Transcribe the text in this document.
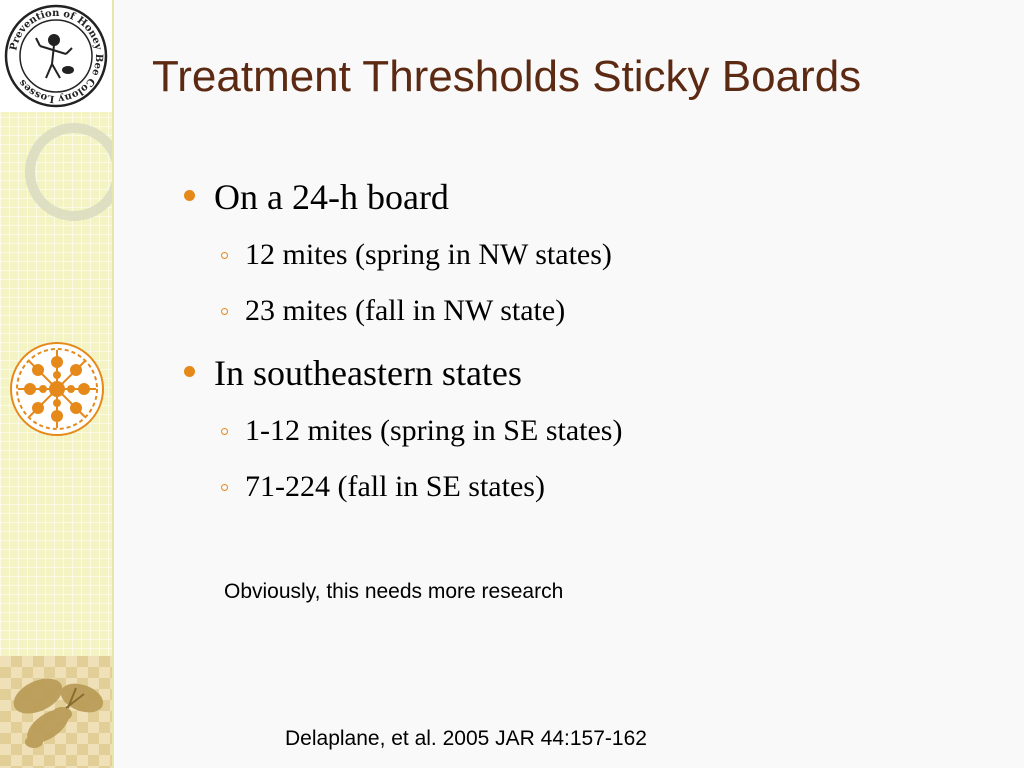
Prevention of Honey Bee Colony Losses	Treatment Thresholds Sticky Boards
On a 24-h board
12 mites (spring in NW states)
23 mites (fall in NW state)
In southeastern states
1-12 mites (spring in SE states)
71-224 (fall in SE states)
Obviously, this needs more research
Delaplane, et al. 2005 JAR 44:157-162
